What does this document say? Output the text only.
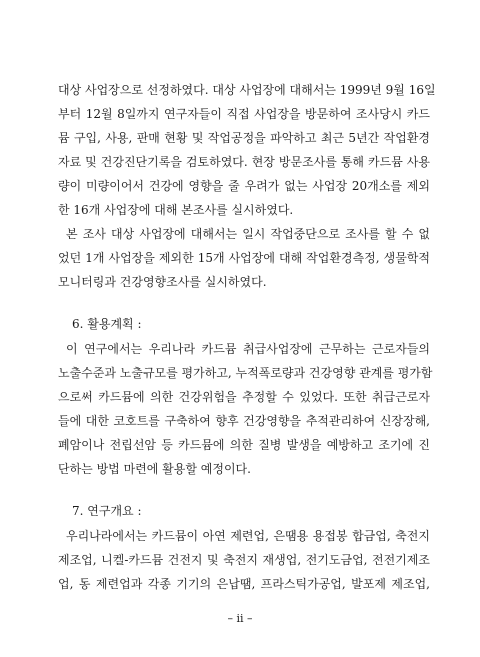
대상 사업장으로 선정하였다. 대상 사업장에 대해서는 1999년 9월 16일
부터 12월 8일까지 연구자들이 직접 사업장을 방문하여 조사당시 카드
뮴 구입, 사용, 판매 현황 및 작업공정을 파악하고 최근 5년간 작업환경
자료 및 건강진단기록을 검토하였다. 현장 방문조사를 통해 카드뮴 사용
량이 미량이어서 건강에 영향을 줄 우려가 없는 사업장 20개소를 제외
한 16개 사업장에 대해 본조사를 실시하였다.
본 조사 대상 사업장에 대해서는 일시 작업중단으로 조사를 할 수 없
었던 1개 사업장을 제외한 15개 사업장에 대해 작업환경측정, 생물학적
모니터링과 건강영향조사를 실시하였다.
6. 활용계획 :
이 연구에서는 우리나라 카드뮴 취급사업장에 근무하는 근로자들의
노출수준과 노출규모를 평가하고, 누적폭로량과 건강영향 관계를 평가함
으로써 카드뮴에 의한 건강위험을 추정할 수 있었다. 또한 취급근로자
들에 대한 코호트를 구축하여 향후 건강영향을 추적관리하여 신장장해,
폐암이나 전립선암 등 카드뮴에 의한 질병 발생을 예방하고 조기에 진
단하는 방법 마련에 활용할 예정이다.
7. 연구개요 :
우리나라에서는 카드뮴이 아연 제련업, 은땜용 용접봉 합금업, 축전지
제조업, 니켈-카드뮴 건전지 및 축전지 재생업, 전기도금업, 전전기제조
업, 동 제련업과 각종 기기의 은납땜, 프라스틱가공업, 발포제 제조업,
– ii –
